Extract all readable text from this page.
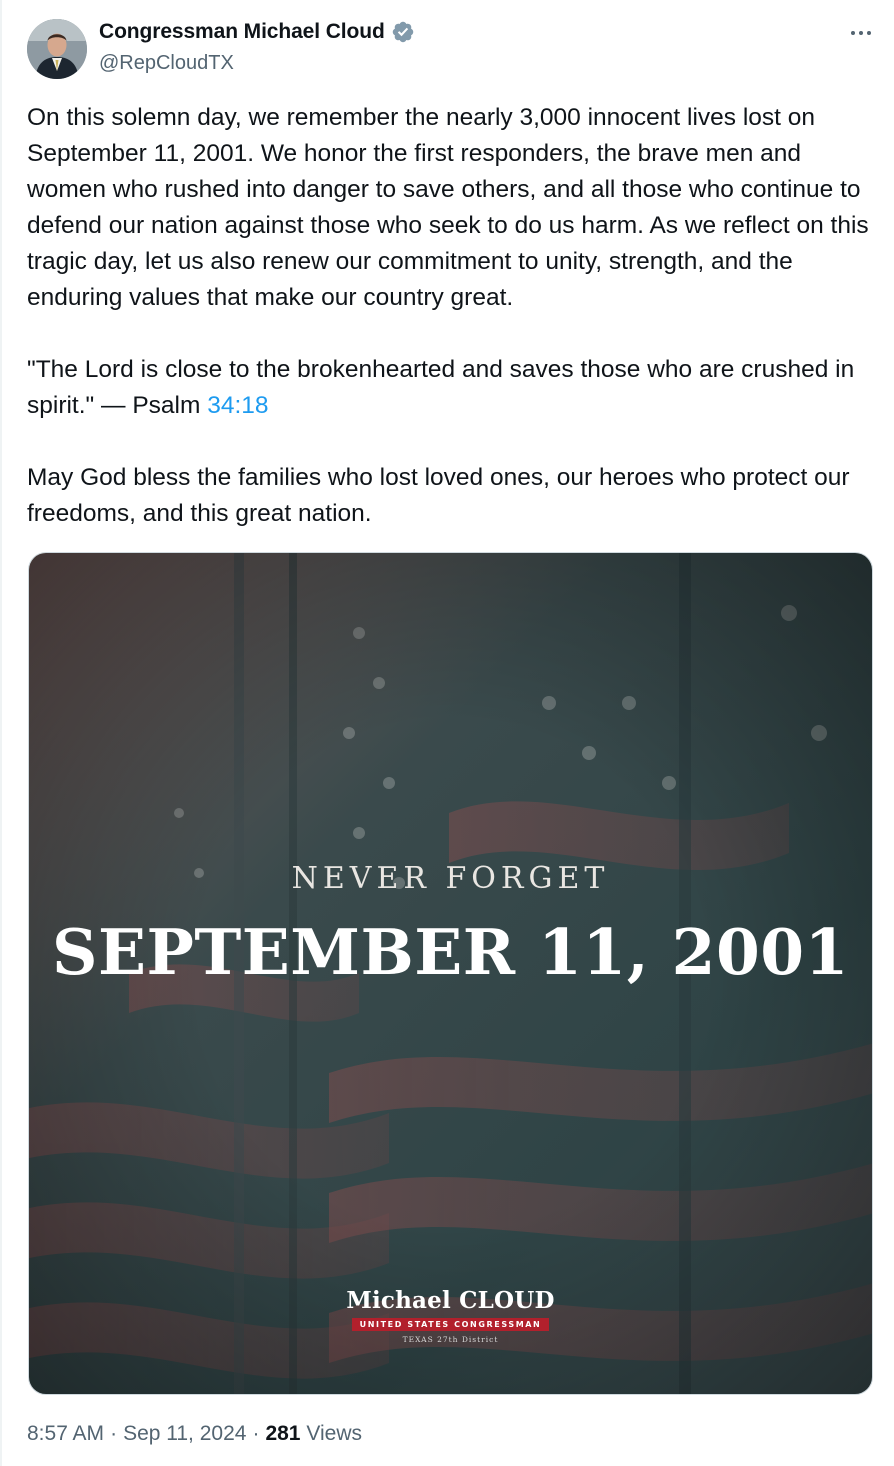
Congressman Michael Cloud
@RepCloudTX

On this solemn day, we remember the nearly 3,000 innocent lives lost on September 11, 2001. We honor the first responders, the brave men and women who rushed into danger to save others, and all those who continue to defend our nation against those who seek to do us harm. As we reflect on this tragic day, let us also renew our commitment to unity, strength, and the enduring values that make our country great.

"The Lord is close to the brokenhearted and saves those who are crushed in spirit." — Psalm 34:18

May God bless the families who lost loved ones, our heroes who protect our freedoms, and this great nation.

NEVER FORGET
SEPTEMBER 11, 2001
Michael CLOUD
UNITED STATES CONGRESSMAN
TEXAS 27th District
8:57 AM · Sep 11, 2024 · 281 Views
